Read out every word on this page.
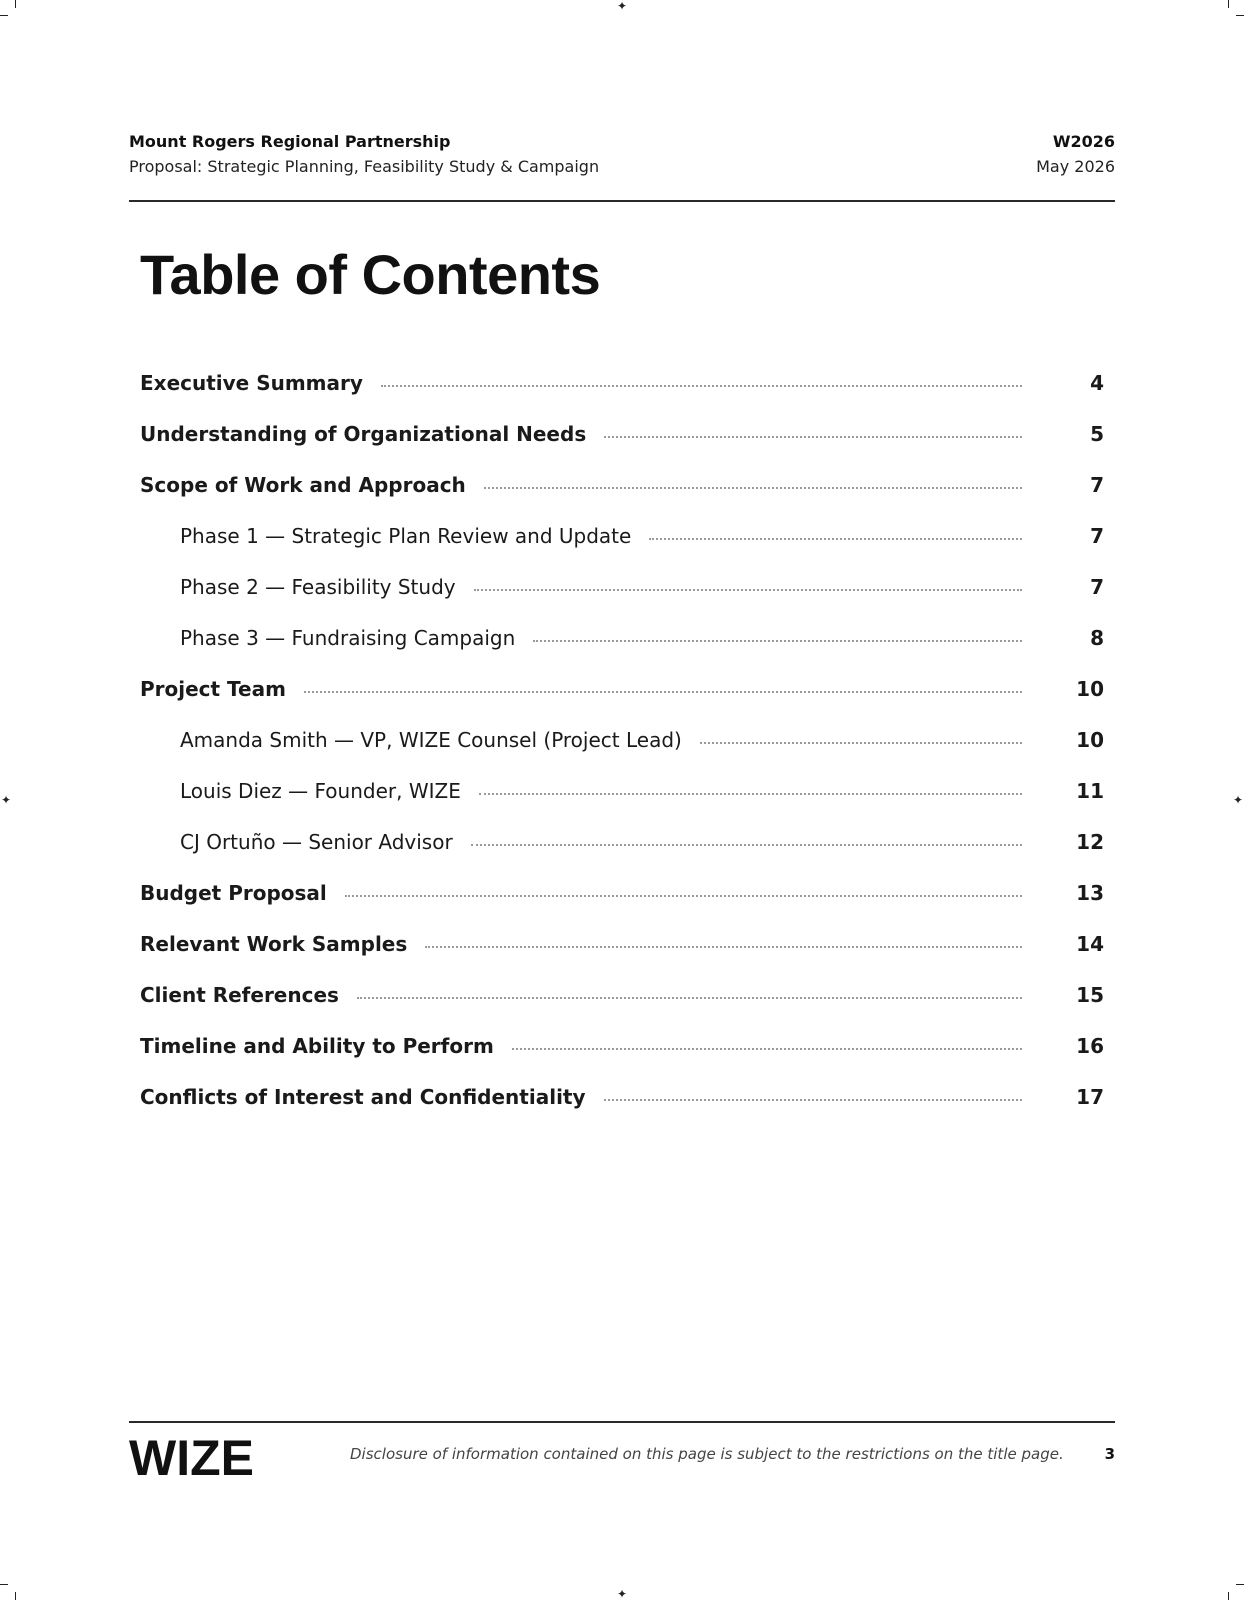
✦
✦
✦	✦
Mount Rogers Regional Partnership
Proposal: Strategic Planning, Feasibility Study & Campaign
W2026
May 2026
Table of Contents
Executive Summary	4
Understanding of Organizational Needs	5
Scope of Work and Approach	7
Phase 1 — Strategic Plan Review and Update	7
Phase 2 — Feasibility Study	7
Phase 3 — Fundraising Campaign	8
Project Team	10
Amanda Smith — VP, WIZE Counsel (Project Lead)	10
Louis Diez — Founder, WIZE	11
CJ Ortuño — Senior Advisor	12
Budget Proposal	13
Relevant Work Samples	14
Client References	15
Timeline and Ability to Perform	16
Conflicts of Interest and Confidentiality	17
WIZE	Disclosure of information contained on this page is subject to the restrictions on the title page.	3
